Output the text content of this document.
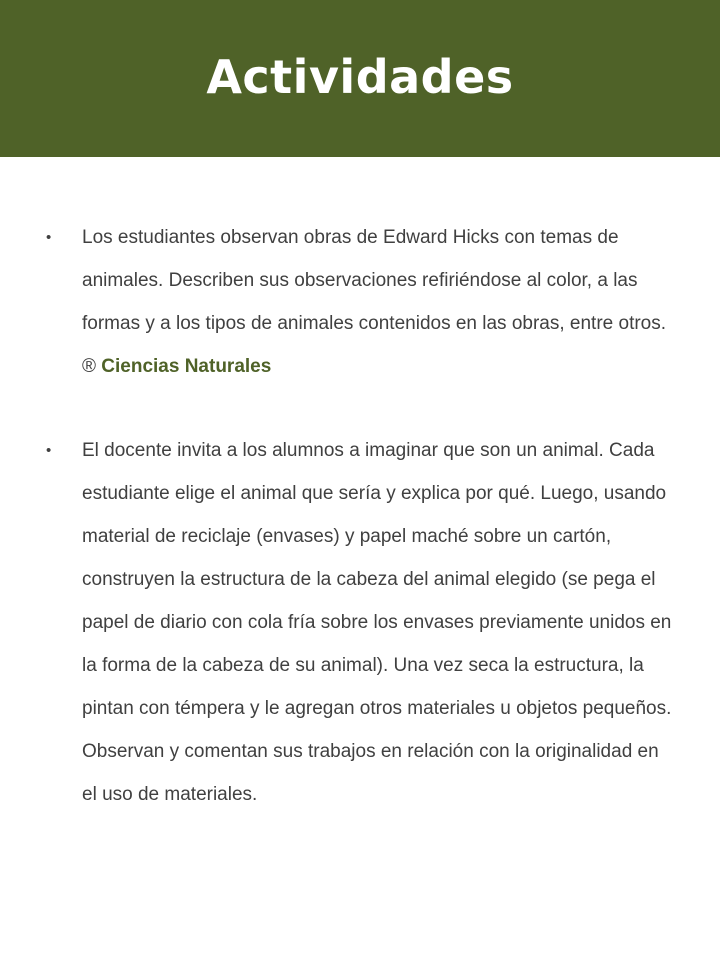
Actividades
• Los estudiantes observan obras de Edward Hicks con temas de animales. Describen sus observaciones refiriéndose al color, a las formas y a los tipos de animales contenidos en las obras, entre otros. ® Ciencias Naturales
• El docente invita a los alumnos a imaginar que son un animal. Cada estudiante elige el animal que sería y explica por qué. Luego, usando material de reciclaje (envases) y papel maché sobre un cartón, construyen la estructura de la cabeza del animal elegido (se pega el papel de diario con cola fría sobre los envases previamente unidos en la forma de la cabeza de su animal). Una vez seca la estructura, la pintan con témpera y le agregan otros materiales u objetos pequeños. Observan y comentan sus trabajos en relación con la originalidad en el uso de materiales.
